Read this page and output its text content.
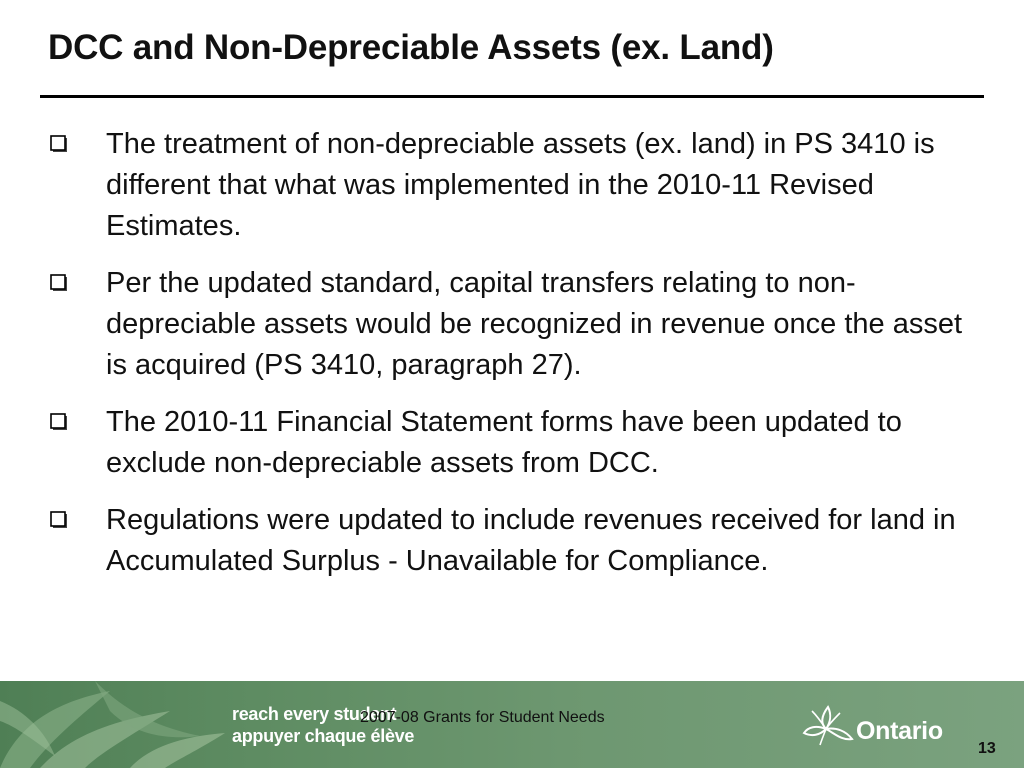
DCC and Non-Depreciable Assets (ex. Land)
The treatment of non-depreciable assets (ex. land) in PS 3410 is different that what was implemented in the 2010-11 Revised Estimates.
Per the updated standard, capital transfers relating to non-depreciable assets would be recognized in revenue once the asset is acquired (PS 3410, paragraph 27).
The 2010-11 Financial Statement forms have been updated to exclude non-depreciable assets from DCC.
Regulations were updated to include revenues received for land in Accumulated Surplus - Unavailable for Compliance.
reach every student
appuyer chaque élève
2007-08 Grants for Student Needs	Ontario
13
